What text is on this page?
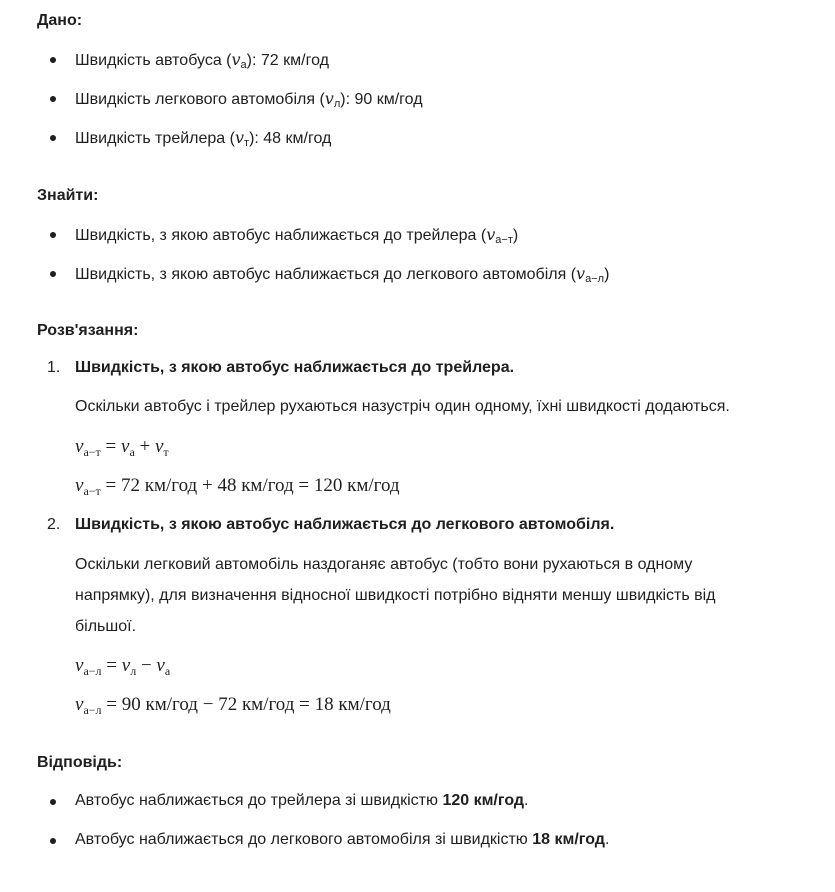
Дано:
Швидкість автобуса $(v_а)$: 72 км/год
Швидкість легкового автомобіля $(v_л)$: 90 км/год
Швидкість трейлера $(v_т)$: 48 км/год
Знайти:
Швидкість, з якою автобус наближається до трейлера $(v_{а-т})$
Швидкість, з якою автобус наближається до легкового автомобіля $(v_{а-л})$
Розв'язання:
1. Швидкість, з якою автобус наближається до трейлера.
Оскільки автобус і трейлер рухаються назустріч один одному, їхні швидкості додаються.
$v_{а-т} = v_а + v_т$
$v_{а-т} = 72$ км/год + 48 км/год = 120 км/год
2. Швидкість, з якою автобус наближається до легкового автомобіля.
Оскільки легковий автомобіль наздоганяє автобус (тобто вони рухаються в одному
напрямку), для визначення відносної швидкості потрібно відняти меншу швидкість від
більшої.
$v_{а-л} = v_л - v_а$
$v_{а-л} = 90$ км/год − 72 км/год = 18 км/год
Відповідь:
Автобус наближається до трейлера зі швидкістю 120 км/год.
Автобус наближається до легкового автомобіля зі швидкістю 18 км/год.
